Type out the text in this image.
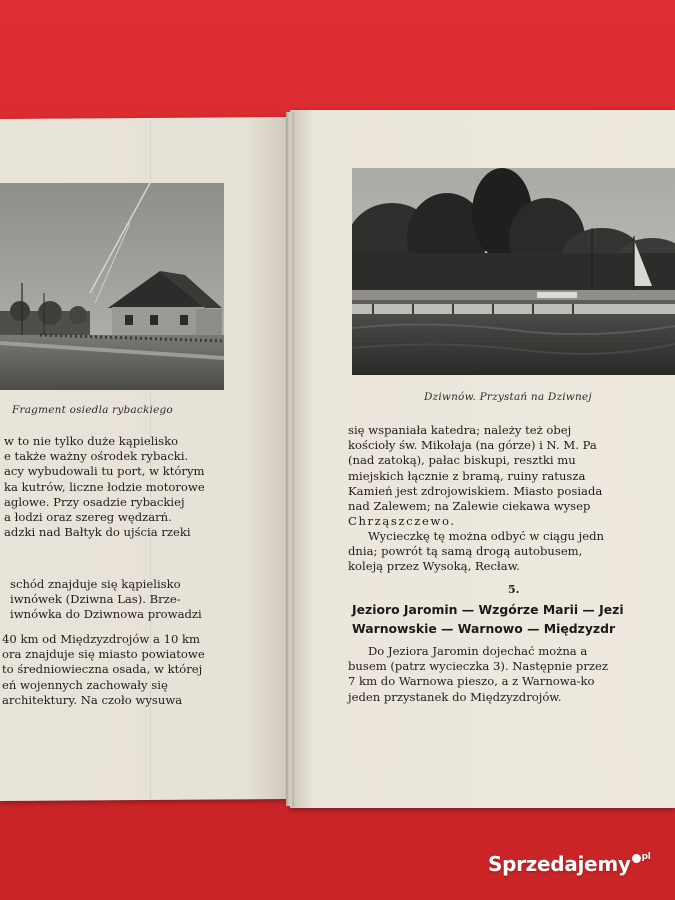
Fragment osiedla rybackiego
w to nie tylko duże kąpielisko
e także ważny ośrodek rybacki.
acy wybudowali tu port, w którym
ka kutrów, liczne łodzie motorowe
aglowe. Przy osadzie rybackiej
a łodzi oraz szereg wędzarń.
adzki nad Bałtyk do ujścia rzeki
schód znajduje się kąpielisko
iwnówek (Dziwna Las). Brze-
iwnówka do Dziwnowa prowadzi
40 km od Międzyzdrojów a 10 km
ora znajduje się miasto powiatowe
to średniowieczna osada, w której
eń wojennych zachowały się
architektury. Na czoło wysuwa
Dziwnów. Przystań na Dziwnej
się wspaniała katedra; należy też obej
kościoły św. Mikołaja (na górze) i N. M. Pa
(nad zatoką), pałac biskupi, resztki mu
miejskich łącznie z bramą, ruiny ratusza
Kamień jest zdrojowiskiem. Miasto posiada
nad Zalewem; na Zalewie ciekawa wysep
Chrząszczewo.
Wycieczkę tę można odbyć w ciągu jedn
dnia; powrót tą samą drogą autobusem,
koleją przez Wysoką, Recław.
5.
Jezioro Jaromin — Wzgórze Marii — Jezi
Warnowskie — Warnowo — Międzyzdr
Do Jeziora Jaromin dojechać można a
busem (patrz wycieczka 3). Następnie przez
7 km do Warnowa pieszo, a z Warnowa-ko
jeden przystanek do Międzyzdrojów.
Sprzedajemy $^{pl}$
